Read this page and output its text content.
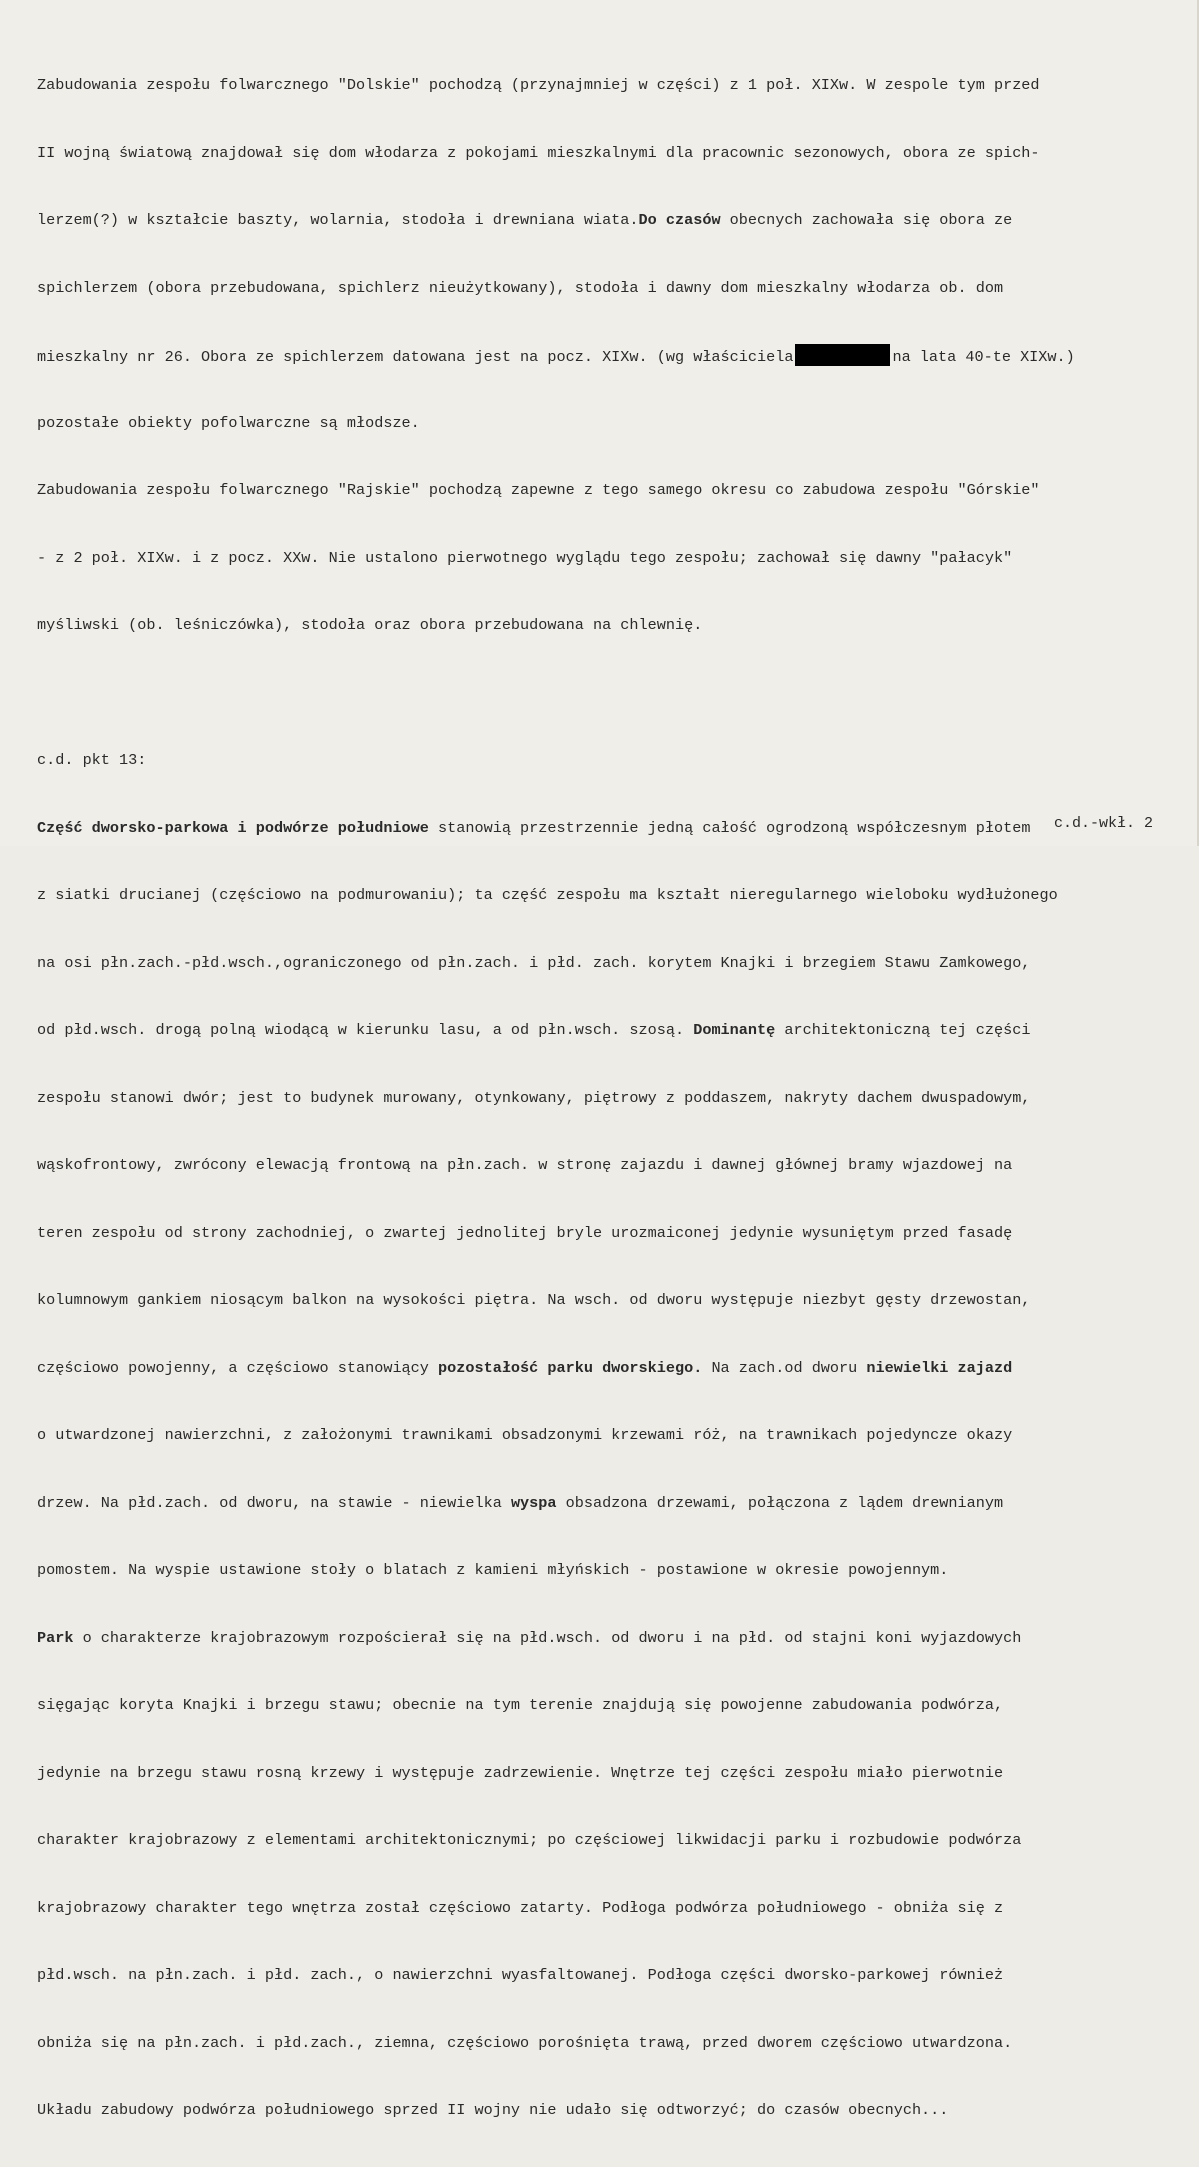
Zabudowania zespołu folwarcznego "Dolskie" pochodzą (przynajmniej w części) z 1 poł. XIXw. W zespole tym przed

II wojną światową znajdował się dom włodarza z pokojami mieszkalnymi dla pracownic sezonowych, obora ze spich-

lerzem(?) w kształcie baszty, wolarnia, stodoła i drewniana wiata.Do czasów obecnych zachowała się obora ze

spichlerzem (obora przebudowana, spichlerz nieużytkowany), stodoła i dawny dom mieszkalny włodarza ob. dom

mieszkalny nr 26. Obora ze spichlerzem datowana jest na pocz. XIXw. (wg właściciela	na lata 40-te XIXw.)

pozostałe obiekty pofolwarczne są młodsze.

Zabudowania zespołu folwarcznego "Rajskie" pochodzą zapewne z tego samego okresu co zabudowa zespołu "Górskie"

- z 2 poł. XIXw. i z pocz. XXw. Nie ustalono pierwotnego wyglądu tego zespołu; zachował się dawny "pałacyk"

myśliwski (ob. leśniczówka), stodoła oraz obora przebudowana na chlewnię.

c.d. pkt 13:

Część dworsko-parkowa i podwórze południowe stanowią przestrzennie jedną całość ogrodzoną współczesnym płotem

z siatki drucianej (częściowo na podmurowaniu); ta część zespołu ma kształt nieregularnego wieloboku wydłużonego

na osi płn.zach.-płd.wsch.,ograniczonego od płn.zach. i płd. zach. korytem Knajki i brzegiem Stawu Zamkowego,

od płd.wsch. drogą polną wiodącą w kierunku lasu, a od płn.wsch. szosą. Dominantę architektoniczną tej części

zespołu stanowi dwór; jest to budynek murowany, otynkowany, piętrowy z poddaszem, nakryty dachem dwuspadowym,

wąskofrontowy, zwrócony elewacją frontową na płn.zach. w stronę zajazdu i dawnej głównej bramy wjazdowej na

teren zespołu od strony zachodniej, o zwartej jednolitej bryle urozmaiconej jedynie wysuniętym przed fasadę

kolumnowym gankiem niosącym balkon na wysokości piętra. Na wsch. od dworu występuje niezbyt gęsty drzewostan,

częściowo powojenny, a częściowo stanowiący pozostałość parku dworskiego. Na zach.od dworu niewielki zajazd

o utwardzonej nawierzchni, z założonymi trawnikami obsadzonymi krzewami róż, na trawnikach pojedyncze okazy

drzew. Na płd.zach. od dworu, na stawie - niewielka wyspa obsadzona drzewami, połączona z lądem drewnianym

pomostem. Na wyspie ustawione stoły o blatach z kamieni młyńskich - postawione w okresie powojennym.

Park o charakterze krajobrazowym rozpościerał się na płd.wsch. od dworu i na płd. od stajni koni wyjazdowych

sięgając koryta Knajki i brzegu stawu; obecnie na tym terenie znajdują się powojenne zabudowania podwórza,

jedynie na brzegu stawu rosną krzewy i występuje zadrzewienie. Wnętrze tej części zespołu miało pierwotnie

charakter krajobrazowy z elementami architektonicznymi; po częściowej likwidacji parku i rozbudowie podwórza

krajobrazowy charakter tego wnętrza został częściowo zatarty. Podłoga podwórza południowego - obniża się z

płd.wsch. na płn.zach. i płd. zach., o nawierzchni wyasfaltowanej. Podłoga części dworsko-parkowej również

obniża się na płn.zach. i płd.zach., ziemna, częściowo porośnięta trawą, przed dworem częściowo utwardzona.

Układu zabudowy podwórza południowego sprzed II wojny nie udało się odtworzyć; do czasów obecnych...

c.d.-wkł. 2
